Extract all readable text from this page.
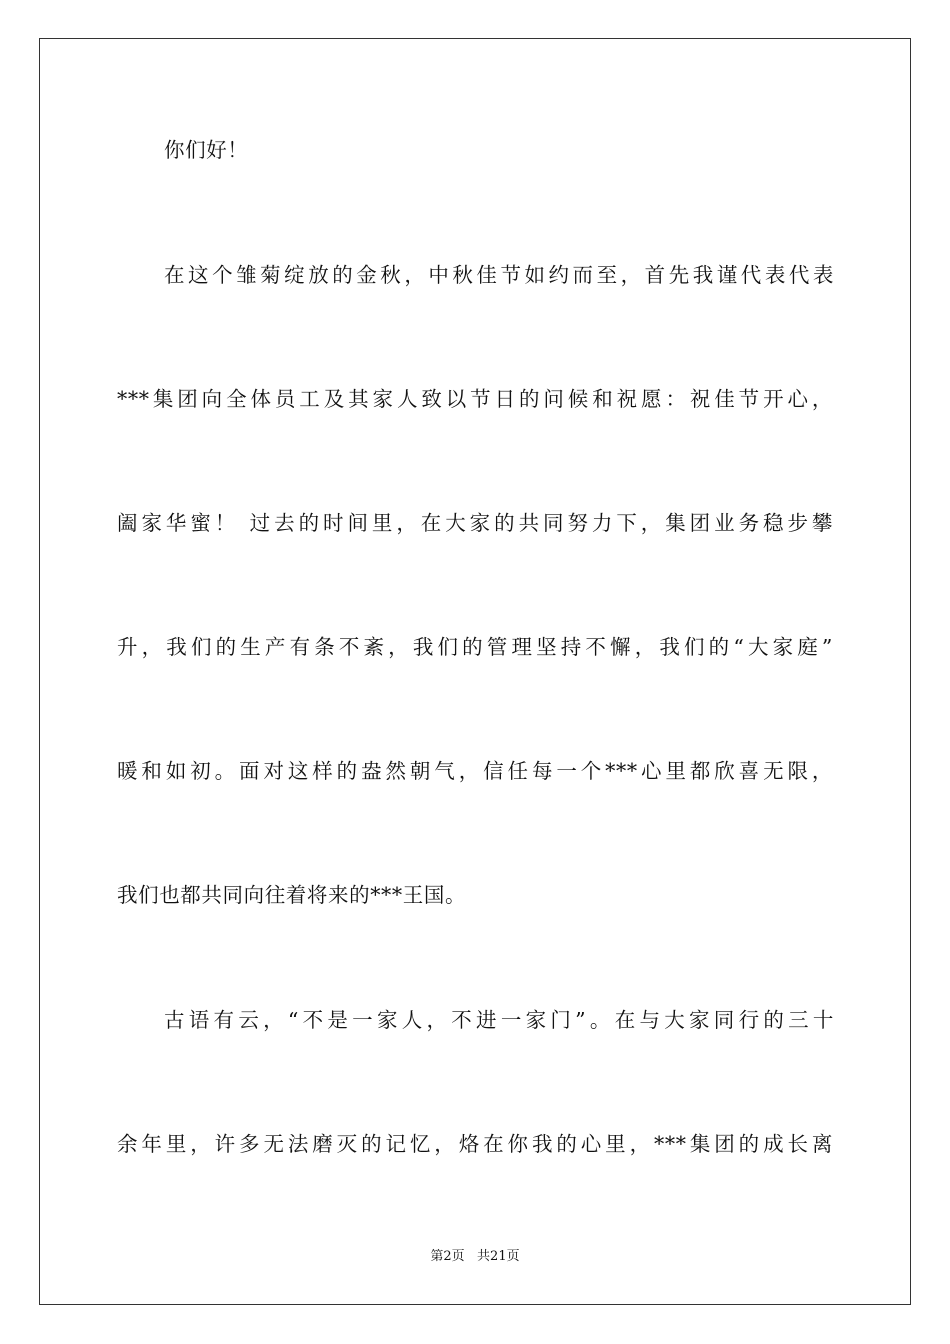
你们好！
在这个雏菊绽放的金秋，中秋佳节如约而至，首先我谨代表代表
***集团向全体员工及其家人致以节日的问候和祝愿：祝佳节开心，
阖家华蜜！ 过去的时间里，在大家的共同努力下，集团业务稳步攀
升，我们的生产有条不紊，我们的管理坚持不懈，我们的“大家庭”
暖和如初。面对这样的盎然朝气，信任每一个***心里都欣喜无限，
我们也都共同向往着将来的***王国。
古语有云，“不是一家人，不进一家门”。在与大家同行的三十
余年里，许多无法磨灭的记忆，烙在你我的心里，***集团的成长离
第2页   共21页
